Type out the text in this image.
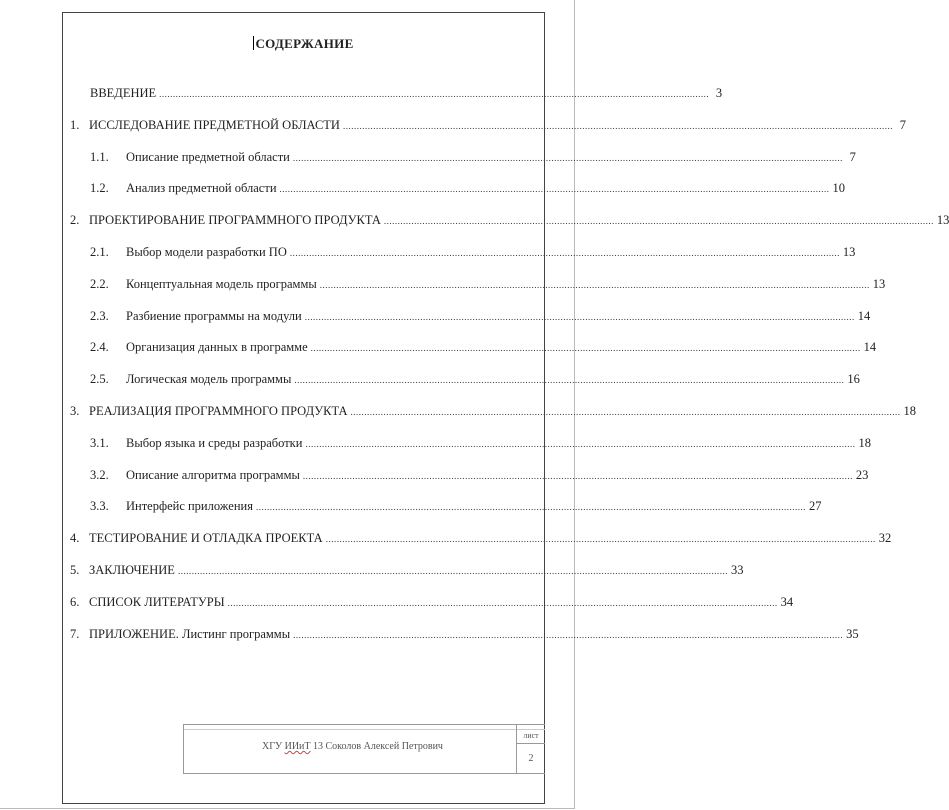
СОДЕРЖАНИЕ
ВВЕДЕНИЕ ........................................................................................................................................................................................................ 3
1. ИССЛЕДОВАНИЕ ПРЕДМЕТНОЙ ОБЛАСТИ ........................................................................................................................................................................................................ 7
1.1. Описание предметной области ........................................................................................................................................................................................................ 7
1.2. Анализ предметной области ........................................................................................................................................................................................................ 10
2. ПРОЕКТИРОВАНИЕ ПРОГРАММНОГО ПРОДУКТА ........................................................................................................................................................................................................ 13
2.1. Выбор модели разработки ПО ........................................................................................................................................................................................................ 13
2.2. Концептуальная модель программы ........................................................................................................................................................................................................ 13
2.3. Разбиение программы на модули ........................................................................................................................................................................................................ 14
2.4. Организация данных в программе ........................................................................................................................................................................................................ 14
2.5. Логическая модель программы ........................................................................................................................................................................................................ 16
3. РЕАЛИЗАЦИЯ ПРОГРАММНОГО ПРОДУКТА ........................................................................................................................................................................................................ 18
3.1. Выбор языка и среды разработки ........................................................................................................................................................................................................ 18
3.2. Описание алгоритма программы ........................................................................................................................................................................................................ 23
3.3. Интерфейс приложения ........................................................................................................................................................................................................ 27
4. ТЕСТИРОВАНИЕ И ОТЛАДКА ПРОЕКТА ........................................................................................................................................................................................................ 32
5. ЗАКЛЮЧЕНИЕ ........................................................................................................................................................................................................ 33
6. СПИСОК ЛИТЕРАТУРЫ ........................................................................................................................................................................................................ 34
7. ПРИЛОЖЕНИЕ. Листинг программы ........................................................................................................................................................................................................ 35
ХГУ ИИиТ 13 Соколов Алексей Петрович
лист
2
